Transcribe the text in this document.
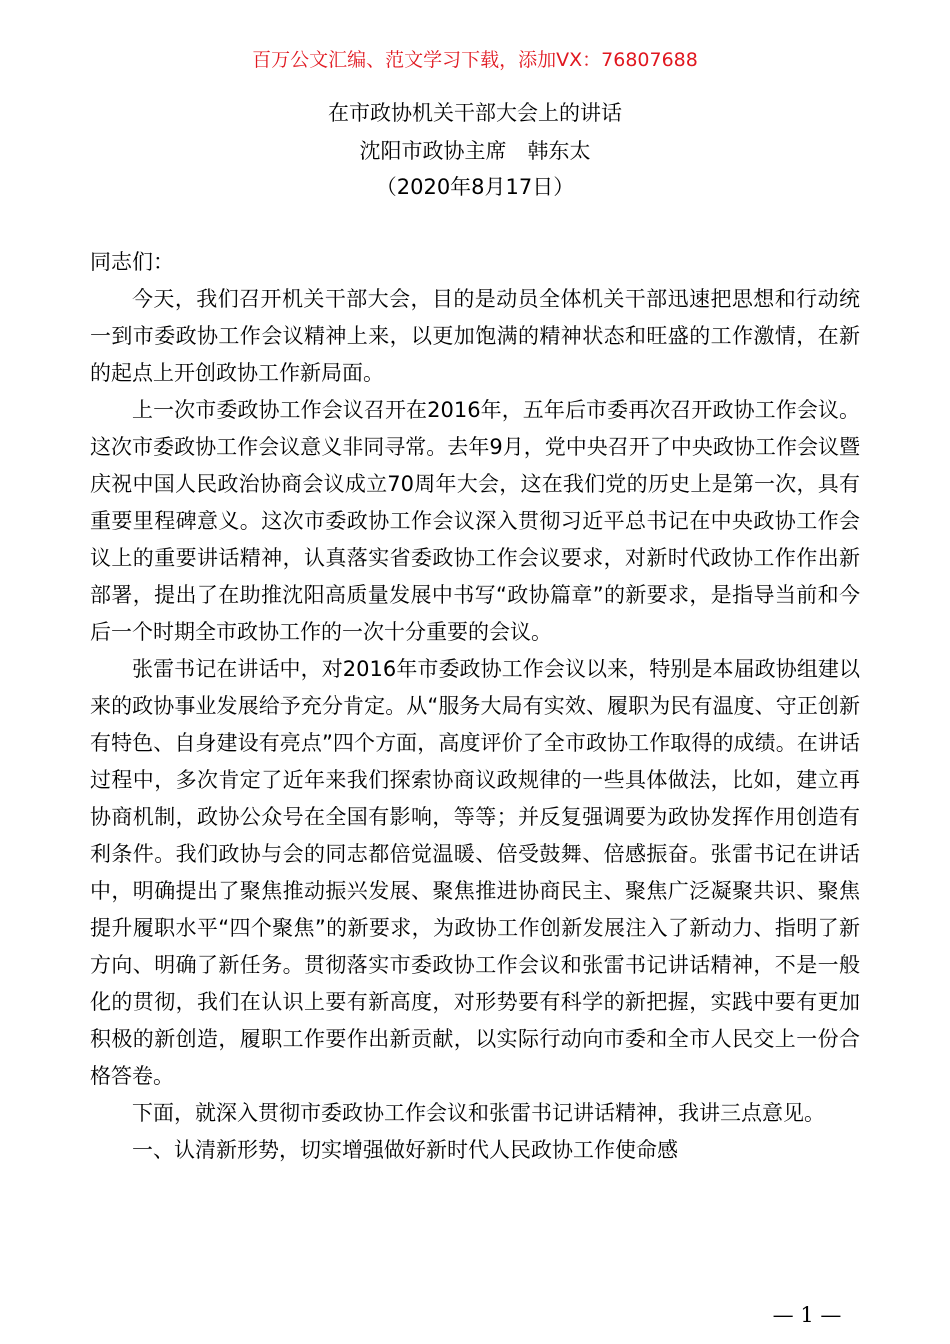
百万公文汇编、范文学习下载，添加VX：76807688
在市政协机关干部大会上的讲话
沈阳市政协主席　韩东太
（2020年8月17日）

同志们：

今天，我们召开机关干部大会，目的是动员全体机关干部迅速把思想和行动统一到市委政协工作会议精神上来，以更加饱满的精神状态和旺盛的工作激情，在新的起点上开创政协工作新局面。

上一次市委政协工作会议召开在2016年，五年后市委再次召开政协工作会议。这次市委政协工作会议意义非同寻常。去年9月，党中央召开了中央政协工作会议暨庆祝中国人民政治协商会议成立70周年大会，这在我们党的历史上是第一次，具有重要里程碑意义。这次市委政协工作会议深入贯彻习近平总书记在中央政协工作会议上的重要讲话精神，认真落实省委政协工作会议要求，对新时代政协工作作出新部署，提出了在助推沈阳高质量发展中书写“政协篇章”的新要求，是指导当前和今后一个时期全市政协工作的一次十分重要的会议。

张雷书记在讲话中，对2016年市委政协工作会议以来，特别是本届政协组建以来的政协事业发展给予充分肯定。从“服务大局有实效、履职为民有温度、守正创新有特色、自身建设有亮点”四个方面，高度评价了全市政协工作取得的成绩。在讲话过程中，多次肯定了近年来我们探索协商议政规律的一些具体做法，比如，建立再协商机制，政协公众号在全国有影响，等等；并反复强调要为政协发挥作用创造有利条件。我们政协与会的同志都倍觉温暖、倍受鼓舞、倍感振奋。张雷书记在讲话中，明确提出了聚焦推动振兴发展、聚焦推进协商民主、聚焦广泛凝聚共识、聚焦提升履职水平“四个聚焦”的新要求，为政协工作创新发展注入了新动力、指明了新方向、明确了新任务。贯彻落实市委政协工作会议和张雷书记讲话精神，不是一般化的贯彻，我们在认识上要有新高度，对形势要有科学的新把握，实践中要有更加积极的新创造，履职工作要作出新贡献，以实际行动向市委和全市人民交上一份合格答卷。

下面，就深入贯彻市委政协工作会议和张雷书记讲话精神，我讲三点意见。

一、认清新形势，切实增强做好新时代人民政协工作使命感

— 1 —
